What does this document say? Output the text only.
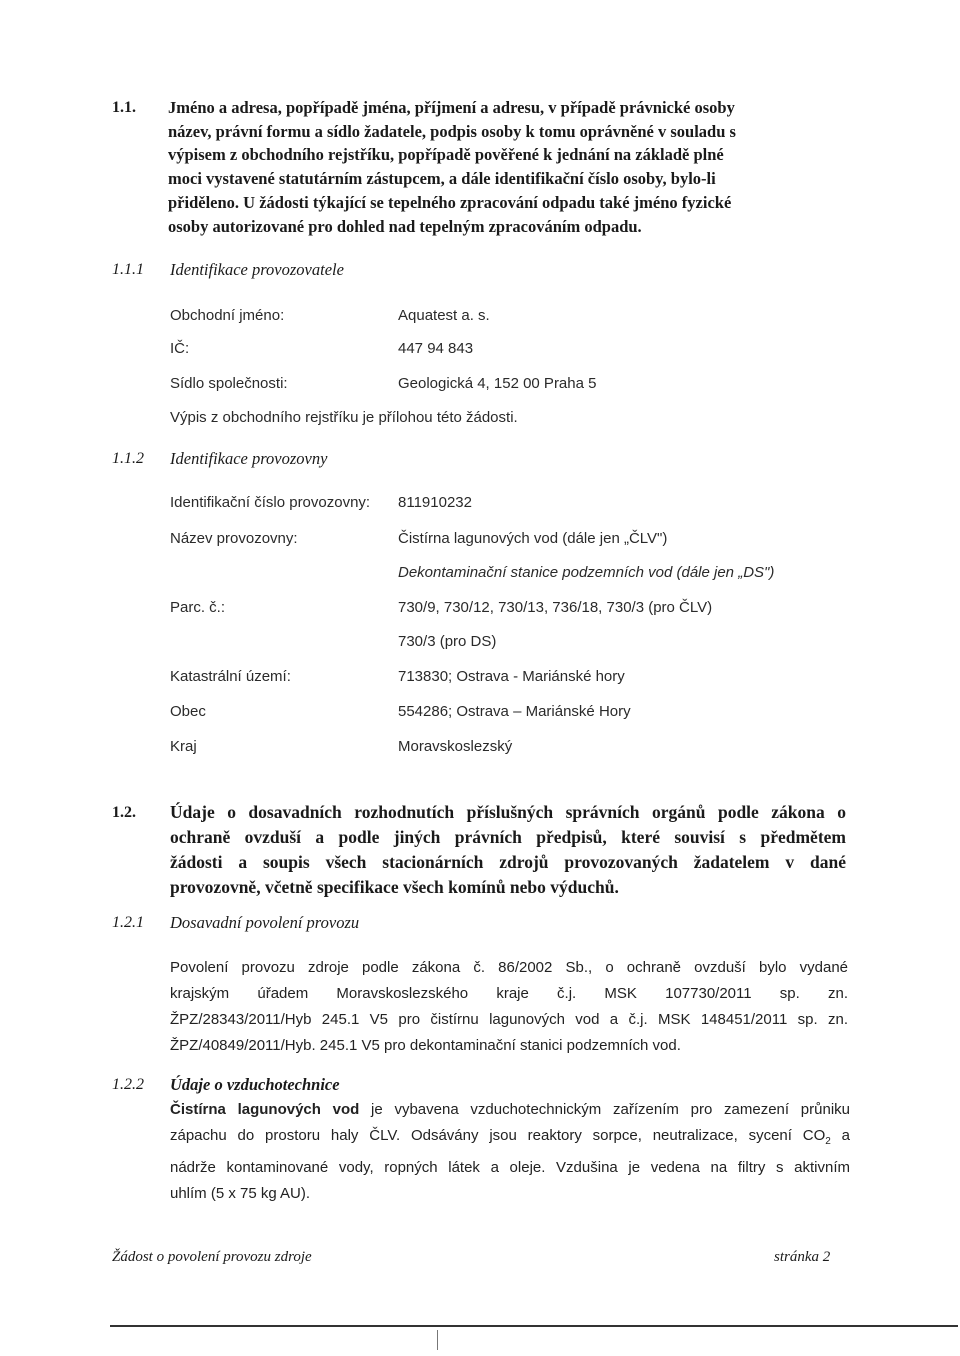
1.1. Jméno a adresa, popřípadě jména, příjmení a adresu, v případě právnické osoby
název, právní formu a sídlo žadatele, podpis osoby k tomu oprávněné v souladu s
výpisem z obchodního rejstříku, popřípadě pověřené k jednání na základě plné
moci vystavené statutárním zástupcem, a dále identifikační číslo osoby, bylo-li
přiděleno. U žádosti týkající se tepelného zpracování odpadu také jméno fyzické
osoby autorizované pro dohled nad tepelným zpracováním odpadu.
1.1.1 Identifikace provozovatele
Obchodní jméno:	Aquatest a. s.
IČ:	447 94 843
Sídlo společnosti:	Geologická 4, 152 00 Praha 5
Výpis z obchodního rejstříku je přílohou této žádosti.
1.1.2 Identifikace provozovny
Identifikační číslo provozovny: 811910232
Název provozovny:	Čistírna lagunových vod (dále jen „ČLV")
Dekontaminační stanice podzemních vod (dále jen „DS")
Parc. č.:	730/9, 730/12, 730/13, 736/18, 730/3 (pro ČLV)
730/3 (pro DS)
Katastrální území:	713830; Ostrava - Mariánské hory
Obec	554286; Ostrava – Mariánské Hory
Kraj	Moravskoslezský
1.2. Údaje o dosavadních rozhodnutích příslušných správních orgánů podle zákona o
ochraně ovzduší a podle jiných právních předpisů, které souvisí s předmětem
žádosti a soupis všech stacionárních zdrojů provozovaných žadatelem v dané
provozovně, včetně specifikace všech komínů nebo výduchů.
1.2.1 Dosavadní povolení provozu
Povolení provozu zdroje podle zákona č. 86/2002 Sb., o ochraně ovzduší bylo vydané
krajským úřadem Moravskoslezského kraje č.j. MSK 107730/2011 sp. zn.
ŽPZ/28343/2011/Hyb 245.1 V5 pro čistírnu lagunových vod a č.j. MSK 148451/2011 sp. zn.
ŽPZ/40849/2011/Hyb. 245.1 V5 pro dekontaminační stanici podzemních vod.
1.2.2 Údaje o vzduchotechnice
Čistírna lagunových vod je vybavena vzduchotechnickým zařízením pro zamezení průniku
zápachu do prostoru haly ČLV. Odsávány jsou reaktory sorpce, neutralizace, sycení $CO_2$ a
nádrže kontaminované vody, ropných látek a oleje. Vzdušina je vedena na filtry s aktivním
uhlím (5 x 75 kg AU).
Žádost o povolení provozu zdroje	stránka 2
